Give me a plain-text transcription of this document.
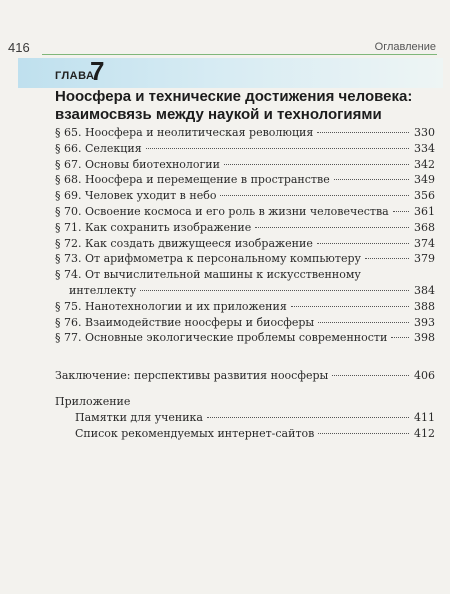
416	Оглавление
ГЛАВА
7
Ноосфера и технические достижения человека:
взаимосвязь между наукой и технологиями
§ 65. Ноосфера и неолитическая революция	330
§ 66. Селекция	334
§ 67. Основы биотехнологии	342
§ 68. Ноосфера и перемещение в пространстве	349
§ 69. Человек уходит в небо	356
§ 70. Освоение космоса и его роль в жизни человечества 361
§ 71. Как сохранить изображение	368
§ 72. Как создать движущееся изображение	374
§ 73. От арифмометра к персональному компьютеру	379
§ 74. От вычислительной машины к искусственному
интеллекту	384
§ 75. Нанотехнологии и их приложения	388
§ 76. Взаимодействие ноосферы и биосферы	393
§ 77. Основные экологические проблемы современности 398
Заключение: перспективы развития ноосферы	406
Приложение
Памятки для ученика	411
Список рекомендуемых интернет-сайтов	412
